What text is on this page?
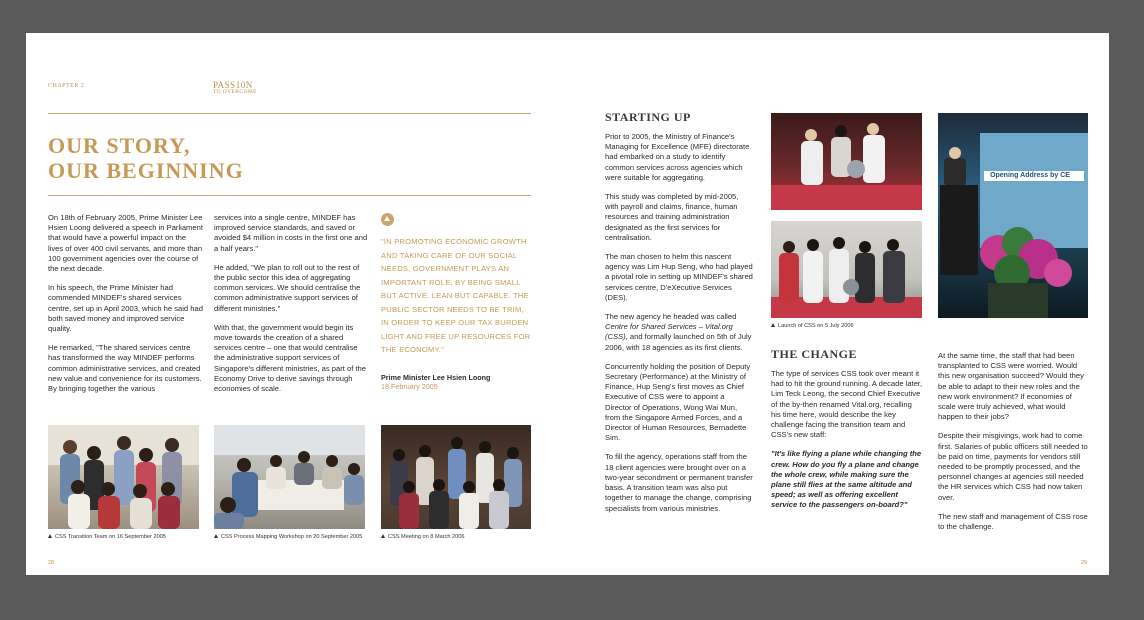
CHAPTER 2	PASS10N
TO OVERCOME
OUR STORY,
OUR BEGINNING

On 18th of February 2005, Prime Minister Lee Hsien Loong delivered a speech in Parliament that would have a powerful impact on the lives of over 400 civil servants, and more than 100 government agencies over the course of the next decade.

In his speech, the Prime Minister had commended MINDEF's shared services centre, set up in April 2003, which he said had both saved money and improved service quality.

He remarked, "The shared services centre has transformed the way MINDEF performs common administrative services, and created new value and convenience for its customers. By bringing together the various

services into a single centre, MINDEF has improved service standards, and saved or avoided $4 million in costs in the first one and a half years."

He added, "We plan to roll out to the rest of the public sector this idea of aggregating common services. We should centralise the common administrative support services of different ministries."

With that, the government would begin its move towards the creation of a shared services centre – one that would centralise the administrative support services of Singapore's different ministries, as part of the Economy Drive to derive savings through economies of scale.

"IN PROMOTING ECONOMIC GROWTH AND TAKING CARE OF OUR SOCIAL NEEDS, GOVERNMENT PLAYS AN IMPORTANT ROLE, BY BEING SMALL BUT ACTIVE, LEAN BUT CAPABLE. THE PUBLIC SECTOR NEEDS TO BE TRIM, IN ORDER TO KEEP OUR TAX BURDEN LIGHT AND FREE UP RESOURCES FOR THE ECONOMY."
Prime Minister Lee Hsien Loong
18 February 2005
CSS Transition Team on 16 September 2005	CSS Process Mapping Workshop on 20 September 2005	CSS Meeting on 8 March 2006
28
STARTING UP

Prior to 2005, the Ministry of Finance's Managing for Excellence (MFE) directorate had embarked on a study to identify common services across agencies which were suitable for aggregating.

This study was completed by mid-2005, with payroll and claims, finance, human resources and training administration designated as the first services for centralisation.

The man chosen to helm this nascent agency was Lim Hup Seng, who had played a pivotal role in setting up MINDEF's shared services centre, D'eXecutive Services (DES).

The new agency he headed was called Centre for Shared Services – Vital.org (CSS), and formally launched on 5th of July 2006, with 18 agencies as its first clients.

Concurrently holding the position of Deputy Secretary (Performance) at the Ministry of Finance, Hup Seng's first moves as Chief Executive of CSS were to appoint a Director of Operations, Wong Wai Mun, from the Singapore Armed Forces, and a Director of Human Resources, Bernadette Sim.

To fill the agency, operations staff from the 18 client agencies were brought over on a two-year secondment or permanent transfer basis. A transition team was also put together to manage the change, comprising specialists from various ministries.

Launch of CSS on 5 July 2006
Opening Address by CE
THE CHANGE

The type of services CSS took over meant it had to hit the ground running. A decade later, Lim Teck Leong, the second Chief Executive of the by-then renamed Vital.org, recalling his time here, would describe the key challenge facing the transition team and CSS's new staff:

"It's like flying a plane while changing the crew. How do you fly a plane and change the whole crew, while making sure the plane still flies at the same altitude and speed; as well as offering excellent service to the passengers on-board?"

At the same time, the staff that had been transplanted to CSS were worried. Would this new organisation succeed? Would they be able to adapt to their new roles and the new work environment? If economies of scale were truly achieved, what would happen to their jobs?

Despite their misgivings, work had to come first. Salaries of public officers still needed to be paid on time, payments for vendors still needed to be promptly processed, and the personnel changes at agencies still needed the HR services which CSS had now taken over.

The new staff and management of CSS rose to the challenge.

29
